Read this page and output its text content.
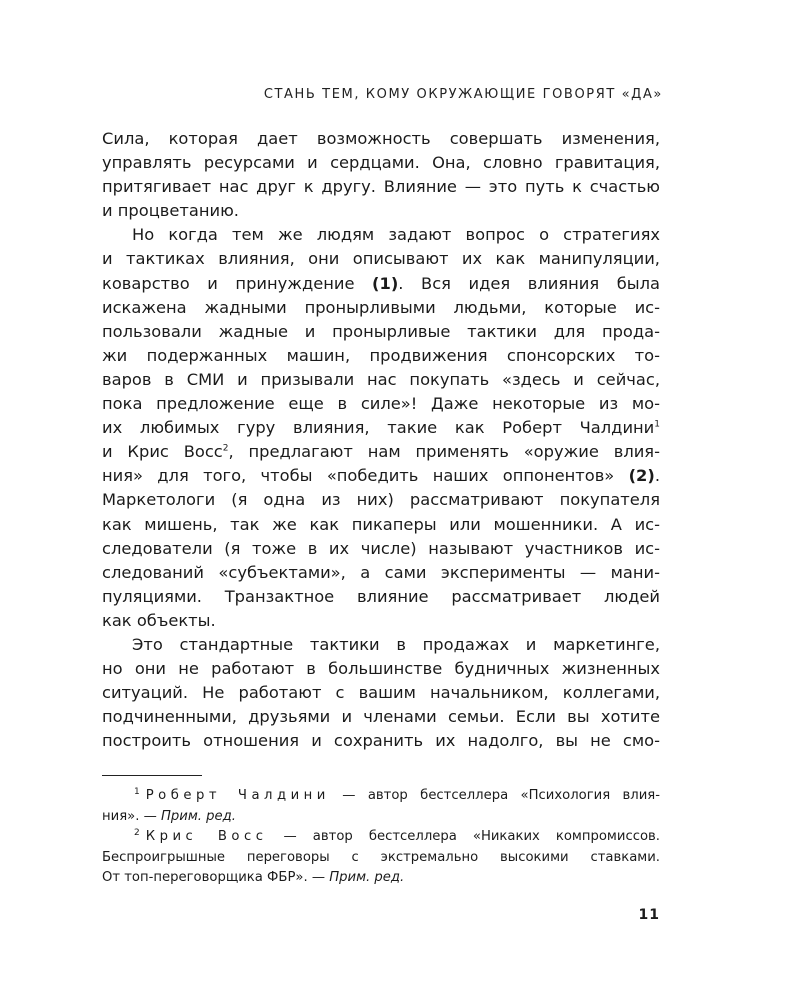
СТАНЬ ТЕМ, КОМУ ОКРУЖАЮЩИЕ ГОВОРЯТ «ДА»
Сила, которая дает возможность совершать изменения,
управлять ресурсами и сердцами. Она, словно гравитация,
притягивает нас друг к другу. Влияние — это путь к счастью
и процветанию.
Но когда тем же людям задают вопрос о стратегиях
и тактиках влияния, они описывают их как манипуляции,
коварство и принуждение (1). Вся идея влияния была
искажена жадными пронырливыми людьми, которые ис-
пользовали жадные и пронырливые тактики для прода-
жи подержанных машин, продвижения спонсорских то-
варов в СМИ и призывали нас покупать «здесь и сейчас,
пока предложение еще в силе»! Даже некоторые из мо-
их любимых гуру влияния, такие как Роберт Чалдини$^1$
и Крис Восс$^2$, предлагают нам применять «оружие влия-
ния» для того, чтобы «победить наших оппонентов» (2).
Маркетологи (я одна из них) рассматривают покупателя
как мишень, так же как пикаперы или мошенники. А ис-
следователи (я тоже в их числе) называют участников ис-
следований «субъектами», а сами эксперименты — мани-
пуляциями. Транзактное влияние рассматривает людей
как объекты.
Это стандартные тактики в продажах и маркетинге,
но они не работают в большинстве будничных жизненных
ситуаций. Не работают с вашим начальником, коллегами,
подчиненными, друзьями и членами семьи. Если вы хотите
построить отношения и сохранить их надолго, вы не смо-
$^1$ Роберт Чалдини — автор бестселлера «Психология влия-
ния». — Прим. ред.
$^2$ Крис Восс — автор бестселлера «Никаких компромиссов.
Беспроигрышные переговоры с экстремально высокими ставками.
От топ-переговорщика ФБР». — Прим. ред.
11
